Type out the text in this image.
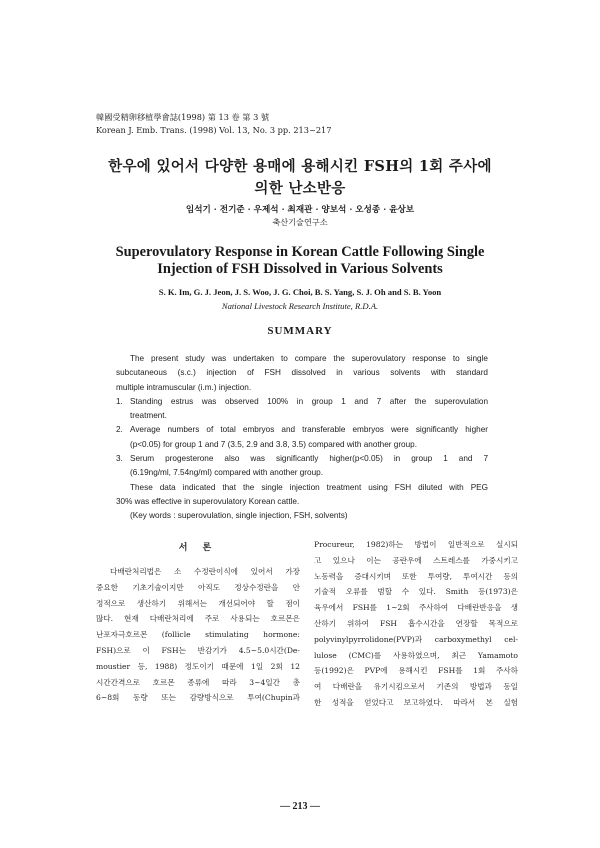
韓國受精卵移植學會誌(1998) 第 13 卷 第 3 號
Korean J. Emb. Trans. (1998) Vol. 13, No. 3 pp. 213~217
한우에 있어서 다양한 용매에 용해시킨 FSH의 1회 주사에
의한 난소반응
임석기 · 전기준 · 우제석 · 최재관 · 양보석 · 오성종 · 윤상보
축산기술연구소
Superovulatory Response in Korean Cattle Following Single
Injection of FSH Dissolved in Various Solvents
S. K. Im, G. J. Jeon, J. S. Woo, J. G. Choi, B. S. Yang, S. J. Oh and S. B. Yoon
National Livestock Research Institute, R.D.A.
SUMMARY

The present study was undertaken to compare the superovulatory response to single

subcutaneous (s.c.) injection of FSH dissolved in various solvents with standard

multiple intramuscular (i.m.) injection.

1. Standing estrus was observed 100% in group 1 and 7 after the superovulation

treatment.

2. Average numbers of total embryos and transferable embryos were significantly higher

(p<0.05) for group 1 and 7 (3.5, 2.9 and 3.8, 3.5) compared with another group.

3. Serum progesterone also was significantly higher(p<0.05) in group 1 and 7

(6.19ng/ml, 7.54ng/ml) compared with another group.

These data indicated that the single injection treatment using FSH diluted with PEG

30% was effective in superovulatory Korean cattle.

(Key words : superovulation, single injection, FSH, solvents)

서 론

다배란처리법은 소 수정란이식에 있어서 가장

중요한 기초기술이지만 아직도 정상수정란을 안

정적으로 생산하기 위해서는 개선되어야 할 점이

많다. 현재 다배란처리에 주로 사용되는 호르몬은

난포자극호르몬 (follicle stimulating hormone:

FSH)으로 이 FSH는 반감기가 4.5~5.0시간(De-

moustier 등, 1988) 정도이기 때문에 1일 2회 12

시간간격으로 호르몬 종류에 따라 3~4일간 총

6~8회 동량 또는 감량방식으로 투여(Chupin과

Procureur, 1982)하는 방법이 일반적으로 실시되

고 있으나 이는 공란우에 스트레스를 가중시키고

노동력을 증대시키며 또한 투여량, 투여시간 등의

기술적 오류를 범할 수 있다. Smith 등(1973)은

육우에서 FSH를 1~2회 주사하여 다배란반응을 생

산하기 위하여 FSH 흡수시간을 연장할 목적으로

polyvinylpyrrolidone(PVP)과 carboxymethyl cel-

lulose (CMC)를 사용하였으며, 최근 Yamamoto

등(1992)은 PVP에 용해시킨 FSH를 1회 주사하

여 다배란을 유기시킴으로서 기존의 방법과 동일

한 성적을 얻었다고 보고하였다. 따라서 본 실험

— 213 —
